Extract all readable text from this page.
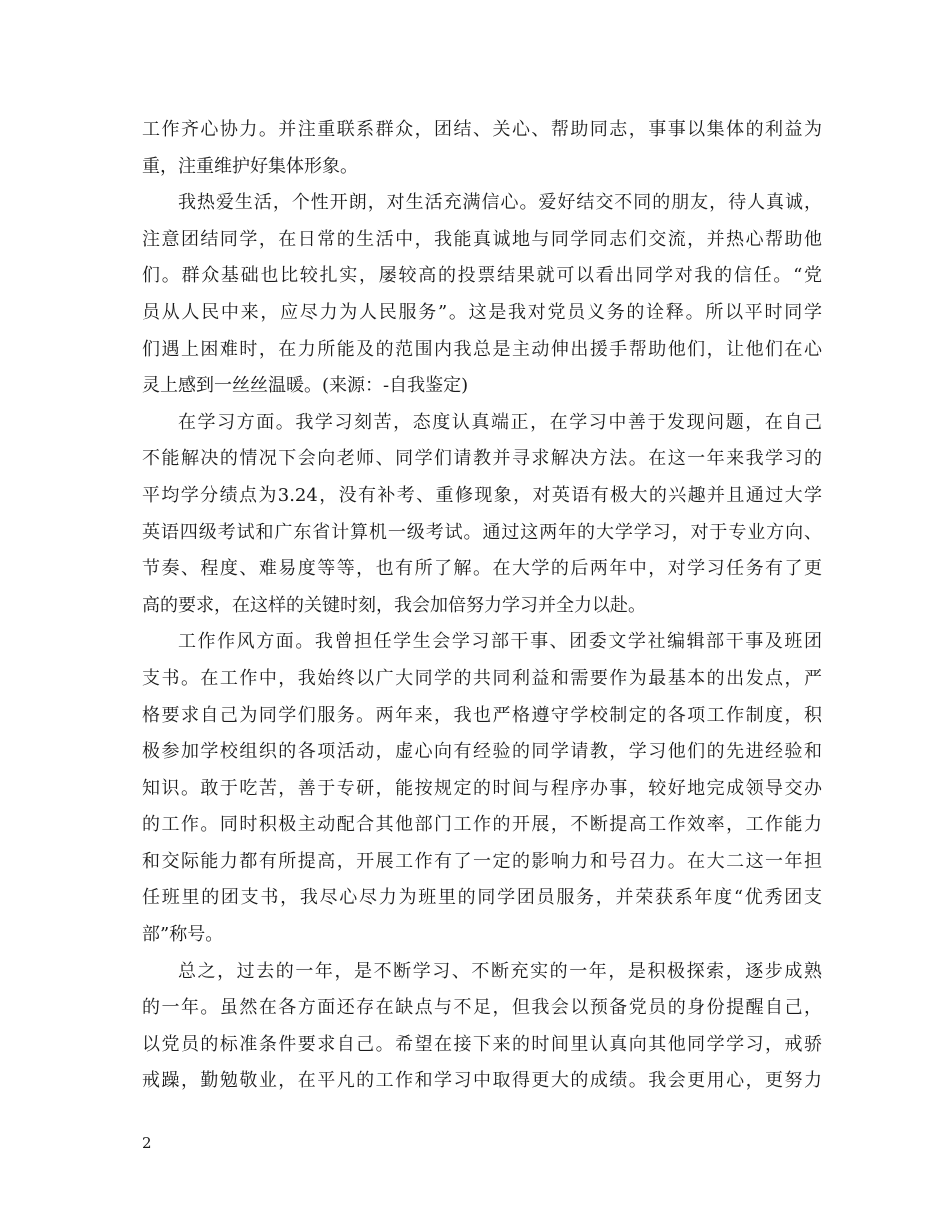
工作齐心协力。并注重联系群众，团结、关心、帮助同志，事事以集体的利益为
重，注重维护好集体形象。
我热爱生活，个性开朗，对生活充满信心。爱好结交不同的朋友，待人真诚，
注意团结同学，在日常的生活中，我能真诚地与同学同志们交流，并热心帮助他
们。群众基础也比较扎实，屡较高的投票结果就可以看出同学对我的信任。“党
员从人民中来，应尽力为人民服务”。这是我对党员义务的诠释。所以平时同学
们遇上困难时，在力所能及的范围内我总是主动伸出援手帮助他们，让他们在心
灵上感到一丝丝温暖。(来源：-自我鉴定)
在学习方面。我学习刻苦，态度认真端正，在学习中善于发现问题，在自己
不能解决的情况下会向老师、同学们请教并寻求解决方法。在这一年来我学习的
平均学分绩点为3.24，没有补考、重修现象，对英语有极大的兴趣并且通过大学
英语四级考试和广东省计算机一级考试。通过这两年的大学学习，对于专业方向、
节奏、程度、难易度等等，也有所了解。在大学的后两年中，对学习任务有了更
高的要求，在这样的关键时刻，我会加倍努力学习并全力以赴。
工作作风方面。我曾担任学生会学习部干事、团委文学社编辑部干事及班团
支书。在工作中，我始终以广大同学的共同利益和需要作为最基本的出发点，严
格要求自己为同学们服务。两年来，我也严格遵守学校制定的各项工作制度，积
极参加学校组织的各项活动，虚心向有经验的同学请教，学习他们的先进经验和
知识。敢于吃苦，善于专研，能按规定的时间与程序办事，较好地完成领导交办
的工作。同时积极主动配合其他部门工作的开展，不断提高工作效率，工作能力
和交际能力都有所提高，开展工作有了一定的影响力和号召力。在大二这一年担
任班里的团支书，我尽心尽力为班里的同学团员服务，并荣获系年度“优秀团支
部”称号。
总之，过去的一年，是不断学习、不断充实的一年，是积极探索，逐步成熟
的一年。虽然在各方面还存在缺点与不足，但我会以预备党员的身份提醒自己，
以党员的标准条件要求自己。希望在接下来的时间里认真向其他同学学习，戒骄
戒躁，勤勉敬业，在平凡的工作和学习中取得更大的成绩。我会更用心，更努力
2
